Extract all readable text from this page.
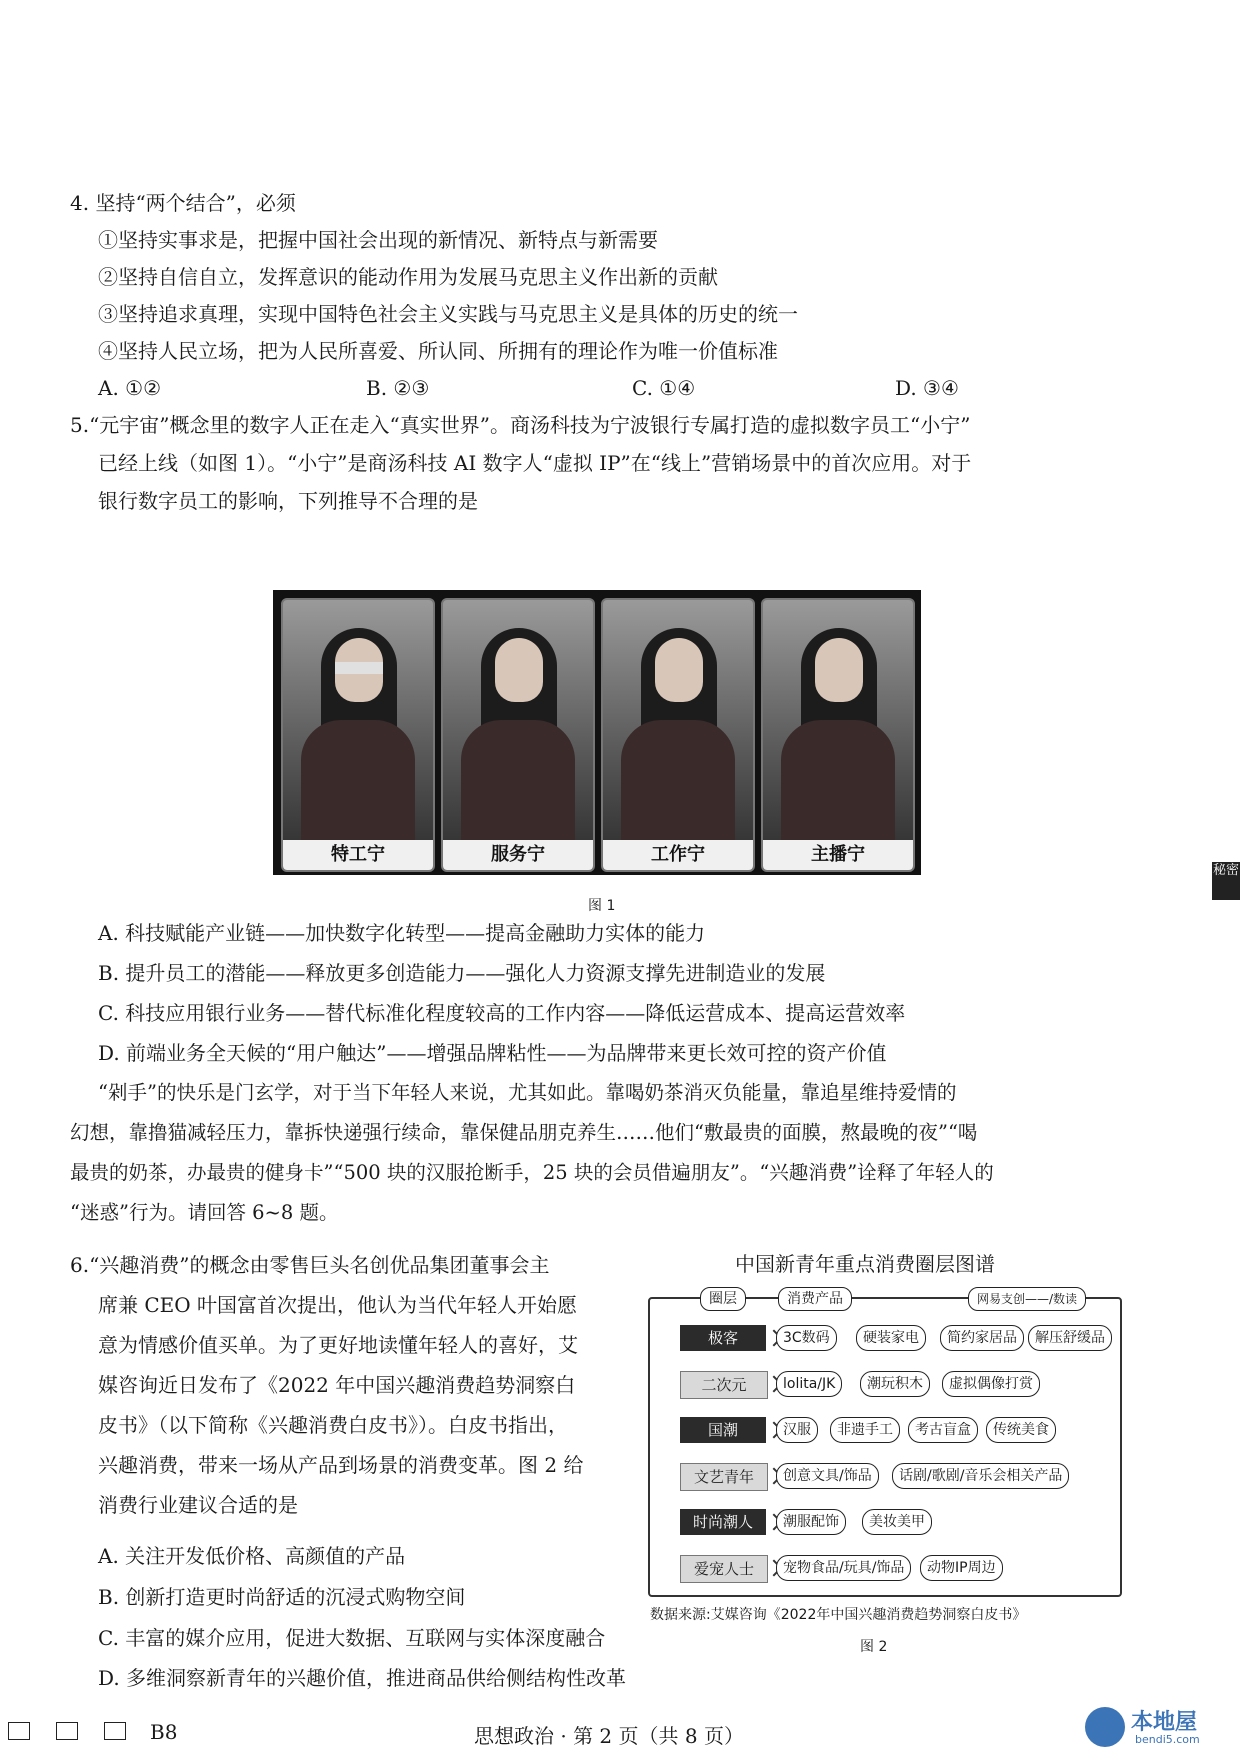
4. 坚持“两个结合”，必须
①坚持实事求是，把握中国社会出现的新情况、新特点与新需要
②坚持自信自立，发挥意识的能动作用为发展马克思主义作出新的贡献
③坚持追求真理，实现中国特色社会主义实践与马克思主义是具体的历史的统一
④坚持人民立场，把为人民所喜爱、所认同、所拥有的理论作为唯一价值标准
A. ①②	B. ②③	C. ①④	D. ③④
5.“元宇宙”概念里的数字人正在走入“真实世界”。商汤科技为宁波银行专属打造的虚拟数字员工“小宁”
已经上线（如图 1）。“小宁”是商汤科技 AI 数字人“虚拟 IP”在“线上”营销场景中的首次应用。对于
银行数字员工的影响，下列推导不合理的是
特工宁	服务宁	工作宁	主播宁
图 1
A. 科技赋能产业链——加快数字化转型——提高金融助力实体的能力
B. 提升员工的潜能——释放更多创造能力——强化人力资源支撑先进制造业的发展
C. 科技应用银行业务——替代标准化程度较高的工作内容——降低运营成本、提高运营效率
D. 前端业务全天候的“用户触达”——增强品牌粘性——为品牌带来更长效可控的资产价值
“剁手”的快乐是门玄学，对于当下年轻人来说，尤其如此。靠喝奶茶消灭负能量，靠追星维持爱情的
幻想，靠撸猫减轻压力，靠拆快递强行续命，靠保健品朋克养生……他们“敷最贵的面膜，熬最晚的夜”“喝
最贵的奶茶，办最贵的健身卡”“500 块的汉服抢断手，25 块的会员借遍朋友”。“兴趣消费”诠释了年轻人的
“迷惑”行为。请回答 6~8 题。
6.“兴趣消费”的概念由零售巨头名创优品集团董事会主
席兼 CEO 叶国富首次提出，他认为当代年轻人开始愿
意为情感价值买单。为了更好地读懂年轻人的喜好，艾
媒咨询近日发布了《2022 年中国兴趣消费趋势洞察白
皮书》（以下简称《兴趣消费白皮书》）。白皮书指出，
兴趣消费，带来一场从产品到场景的消费变革。图 2 给
消费行业建议合适的是
A. 关注开发低价格、高颜值的产品
B. 创新打造更时尚舒适的沉浸式购物空间
C. 丰富的媒介应用，促进大数据、互联网与实体深度融合
D. 多维洞察新青年的兴趣价值，推进商品供给侧结构性改革
中国新青年重点消费圈层图谱
圈层	消费产品	网易支创——/数读
极客	3C数码	硬装家电	简约家居品	解压舒缓品
二次元	lolita/JK	潮玩积木	虚拟偶像打赏
国潮	汉服	非遗手工	考古盲盒	传统美食
文艺青年	创意文具/饰品	话剧/歌剧/音乐会相关产品
时尚潮人	潮服配饰	美妆美甲
爱宠人士	宠物食品/玩具/饰品	动物IP周边
数据来源:艾媒咨询《2022年中国兴趣消费趋势洞察白皮书》
图 2
秘密
B8	思想政治 · 第 2 页（共 8 页）
本地屋
bendi5.com
